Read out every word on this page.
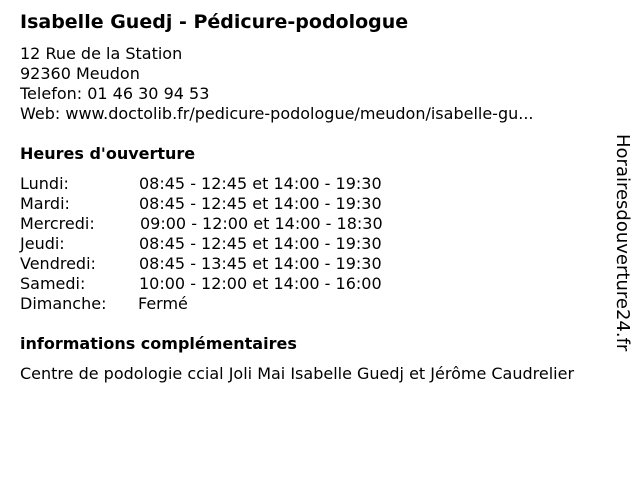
Isabelle Guedj - Pédicure-podologue
12 Rue de la Station
92360 Meudon
Telefon: 01 46 30 94 53
Web: www.doctolib.fr/pedicure-podologue/meudon/isabelle-gu...
Heures d'ouverture
Lundi:	08:45 - 12:45 et 14:00 - 19:30
Mardi:	08:45 - 12:45 et 14:00 - 19:30
Mercredi:	09:00 - 12:00 et 14:00 - 18:30
Jeudi:	08:45 - 12:45 et 14:00 - 19:30
Vendredi:	08:45 - 13:45 et 14:00 - 19:30
Samedi:	10:00 - 12:00 et 14:00 - 16:00
Dimanche: Fermé
informations complémentaires
Centre de podologie ccial Joli Mai Isabelle Guedj et Jérôme Caudrelier
Horairesdouverture24.fr
